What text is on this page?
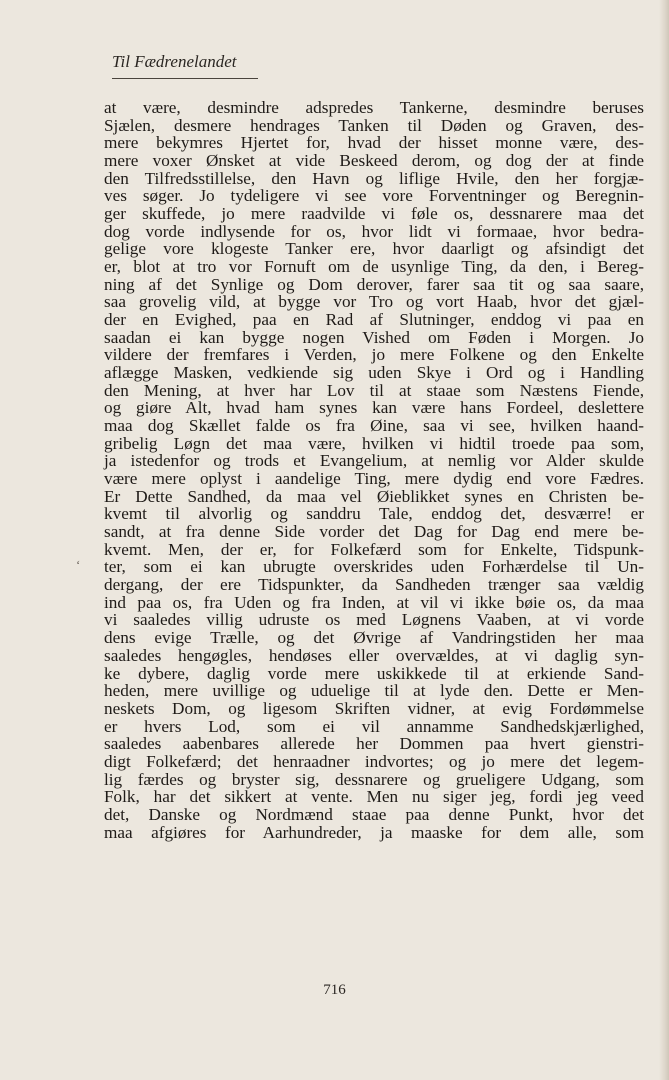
Til Fædrenelandet
‘
at være, desmindre adspredes Tankerne, desmindre beruses
Sjælen, desmere hendrages Tanken til Døden og Graven, des-
mere bekymres Hjertet for, hvad der hisset monne være, des-
mere voxer Ønsket at vide Beskeed derom, og dog der at finde
den Tilfredsstillelse, den Havn og liflige Hvile, den her forgjæ-
ves søger. Jo tydeligere vi see vore Forventninger og Beregnin-
ger skuffede, jo mere raadvilde vi føle os, dessnarere maa det
dog vorde indlysende for os, hvor lidt vi formaae, hvor bedra-
gelige vore klogeste Tanker ere, hvor daarligt og afsindigt det
er, blot at tro vor Fornuft om de usynlige Ting, da den, i Bereg-
ning af det Synlige og Dom derover, farer saa tit og saa saare,
saa grovelig vild, at bygge vor Tro og vort Haab, hvor det gjæl-
der en Evighed, paa en Rad af Slutninger, enddog vi paa en
saadan ei kan bygge nogen Vished om Føden i Morgen. Jo
vildere der fremfares i Verden, jo mere Folkene og den Enkelte
aflægge Masken, vedkiende sig uden Skye i Ord og i Handling
den Mening, at hver har Lov til at staae som Næstens Fiende,
og giøre Alt, hvad ham synes kan være hans Fordeel, deslettere
maa dog Skællet falde os fra Øine, saa vi see, hvilken haand-
gribelig Løgn det maa være, hvilken vi hidtil troede paa som,
ja istedenfor og trods et Evangelium, at nemlig vor Alder skulde
være mere oplyst i aandelige Ting, mere dydig end vore Fædres.
Er Dette Sandhed, da maa vel Øieblikket synes en Christen be-
kvemt til alvorlig og sanddru Tale, enddog det, desværre! er
sandt, at fra denne Side vorder det Dag for Dag end mere be-
kvemt. Men, der er, for Folkefærd som for Enkelte, Tidspunk-
ter, som ei kan ubrugte overskrides uden Forhærdelse til Un-
dergang, der ere Tidspunkter, da Sandheden trænger saa vældig
ind paa os, fra Uden og fra Inden, at vil vi ikke bøie os, da maa
vi saaledes villig udruste os med Løgnens Vaaben, at vi vorde
dens evige Trælle, og det Øvrige af Vandringstiden her maa
saaledes hengøgles, hendøses eller overvældes, at vi daglig syn-
ke dybere, daglig vorde mere uskikkede til at erkiende Sand-
heden, mere uvillige og uduelige til at lyde den. Dette er Men-
neskets Dom, og ligesom Skriften vidner, at evig Fordømmelse
er hvers Lod, som ei vil annamme Sandhedskjærlighed,
saaledes aabenbares allerede her Dommen paa hvert gienstri-
digt Folkefærd; det henraadner indvortes; og jo mere det legem-
lig færdes og bryster sig, dessnarere og grueligere Udgang, som
Folk, har det sikkert at vente. Men nu siger jeg, fordi jeg veed
det, Danske og Nordmænd staae paa denne Punkt, hvor det
maa afgiøres for Aarhundreder, ja maaske for dem alle, som
716
